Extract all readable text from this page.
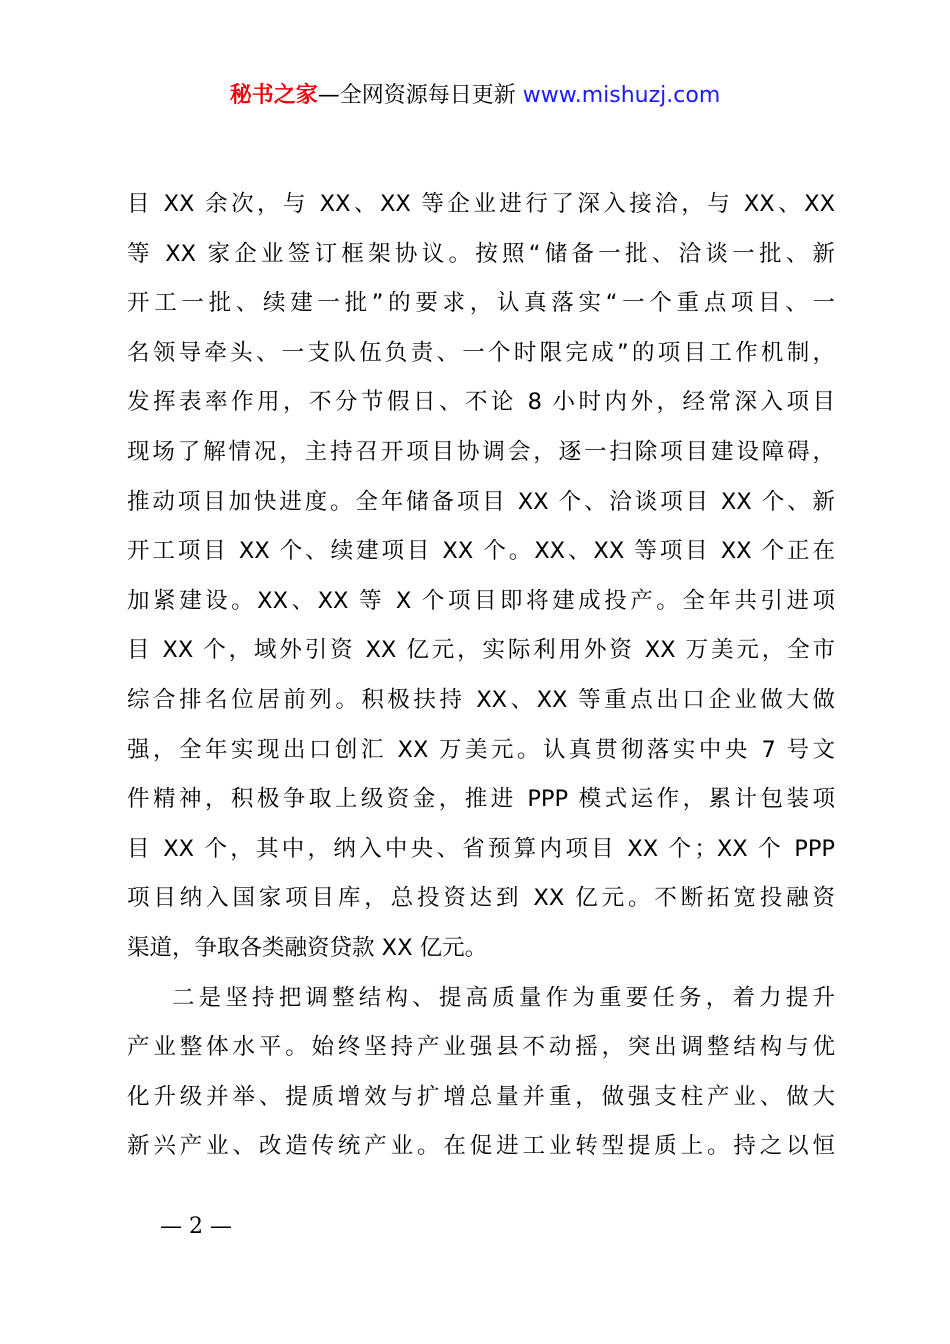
秘书之家—全网资源每日更新 www.mishuzj.com
目 XX 余次，与 XX、XX 等企业进行了深入接洽，与 XX、XX
等 XX 家企业签订框架协议。按照“储备一批、洽谈一批、新
开工一批、续建一批”的要求，认真落实“一个重点项目、一
名领导牵头、一支队伍负责、一个时限完成”的项目工作机制，
发挥表率作用，不分节假日、不论 8 小时内外，经常深入项目
现场了解情况，主持召开项目协调会，逐一扫除项目建设障碍，
推动项目加快进度。全年储备项目 XX 个、洽谈项目 XX 个、新
开工项目 XX 个、续建项目 XX 个。XX、XX 等项目 XX 个正在
加紧建设。XX、XX 等 X 个项目即将建成投产。全年共引进项
目 XX 个，域外引资 XX 亿元，实际利用外资 XX 万美元，全市
综合排名位居前列。积极扶持 XX、XX 等重点出口企业做大做
强，全年实现出口创汇 XX 万美元。认真贯彻落实中央 7 号文
件精神，积极争取上级资金，推进 PPP 模式运作，累计包装项
目 XX 个，其中，纳入中央、省预算内项目 XX 个；XX 个 PPP
项目纳入国家项目库，总投资达到 XX 亿元。不断拓宽投融资
渠道，争取各类融资贷款 XX 亿元。
二是坚持把调整结构、提高质量作为重要任务，着力提升
产业整体水平。始终坚持产业强县不动摇，突出调整结构与优
化升级并举、提质增效与扩增总量并重，做强支柱产业、做大
新兴产业、改造传统产业。在促进工业转型提质上。持之以恒
— 2 —
